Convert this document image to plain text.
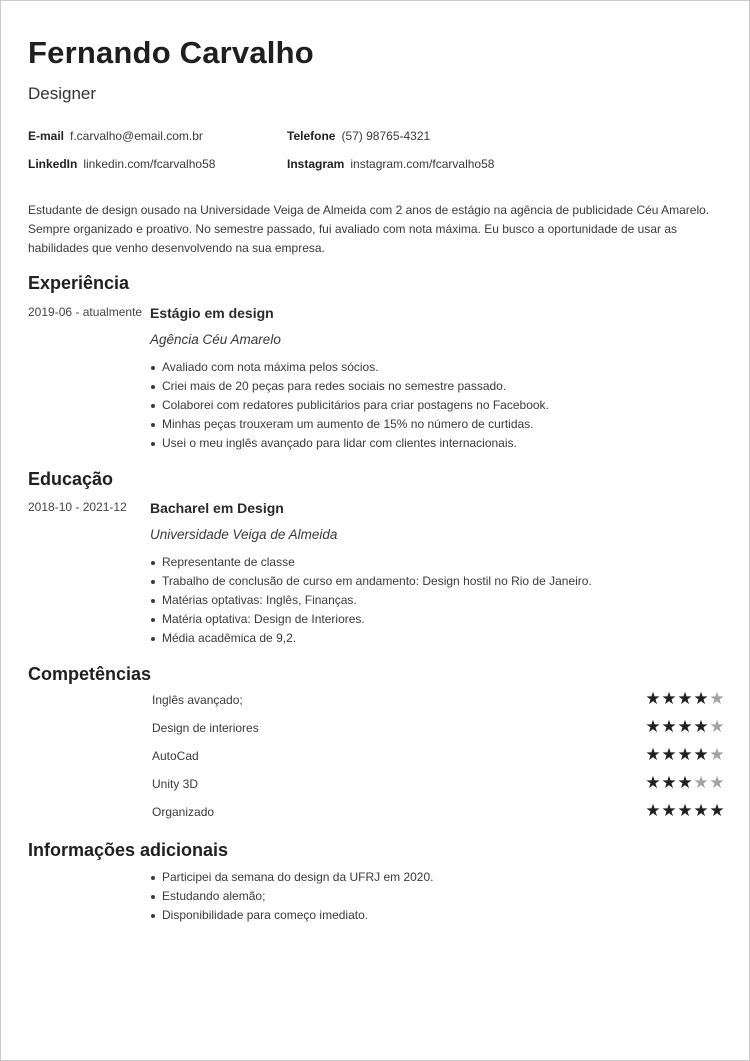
Fernando Carvalho
Designer
E-mail f.carvalho@email.com.br	Telefone (57) 98765-4321
LinkedIn linkedin.com/fcarvalho58	Instagram instagram.com/fcarvalho58
Estudante de design ousado na Universidade Veiga de Almeida com 2 anos de estágio na agência de publicidade Céu Amarelo. Sempre organizado e proativo. No semestre passado, fui avaliado com nota máxima. Eu busco a oportunidade de usar as habilidades que venho desenvolvendo na sua empresa.
Experiência
2019-06 - atualmente Estágio em design
Agência Céu Amarelo
Avaliado com nota máxima pelos sócios.
Criei mais de 20 peças para redes sociais no semestre passado.
Colaborei com redatores publicitários para criar postagens no Facebook.
Minhas peças trouxeram um aumento de 15% no número de curtidas.
Usei o meu inglês avançado para lidar com clientes internacionais.
Educação
2018-10 - 2021-12 Bacharel em Design
Universidade Veiga de Almeida
Representante de classe
Trabalho de conclusão de curso em andamento: Design hostil no Rio de Janeiro.
Matérias optativas: Inglês, Finanças.
Matéria optativa: Design de Interiores.
Média acadêmica de 9,2.
Competências
Inglês avançado;	★★★★★
Design de interiores	★★★★★
AutoCad	★★★★★
Unity 3D	★★★★★
Organizado	★★★★★
Informações adicionais
Participei da semana do design da UFRJ em 2020.
Estudando alemão;
Disponibilidade para começo imediato.
